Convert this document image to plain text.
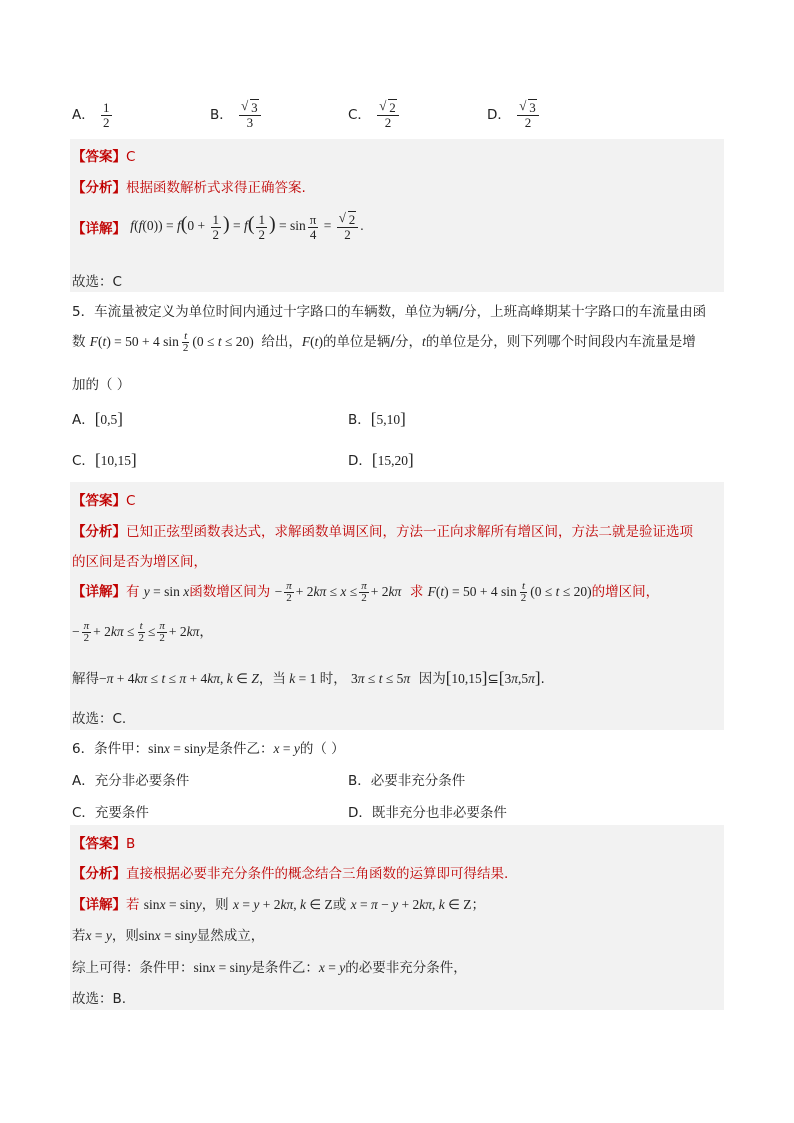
A． $\frac{1}{2}$	B． √ $\frac{3}{3}$	C． √ $\frac{2}{2}$	D． √ $\frac{3}{2}$
【答案】C
【分析】根据函数解析式求得正确答案.
【详解】 $f(f(0)) = f(0 + \frac{1}{2}$ ) = $f( \frac{1}{2}$ ) = $\sin \frac{\pi}{4}$ = √ $\frac{2}{2}$ .
故选：C
5．车流量被定义为单位时间内通过十字路口的车辆数，单位为辆/分，上班高峰期某十字路口的车流量由函
数 F(t) = 50 + 4 $\sin \frac{t}{2} (0 \le t \le 20)$  给出，F(t)的单位是辆/分，t的单位是分，则下列哪个时间段内车流量是增
加的（ ）
A．[0,5]	B．[5,10]
C．[10,15]	D．[15,20]
【答案】C
【分析】已知正弦型函数表达式，求解函数单调区间，方法一正向求解所有增区间，方法二就是验证选项
的区间是否为增区间，
【详解】有 y = sin x函数增区间为 − $\frac{\pi}{2} + 2k\pi \le x \le \frac{\pi}{2} + 2k\pi$  求 F(t) = 50 + 4 $\sin \frac{t}{2} (0 \le t \le 20)$的增区间，
− $\frac{\pi}{2} + 2k\pi \le \frac{t}{2} \le \frac{\pi}{2} + 2k\pi$，
解得−π + 4kπ ≤ t ≤ π + 4kπ, k ∈ Z，当 k = 1 时， 3π ≤ t ≤ 5π  因为[10,15]⊆[3π,5π].
故选：C.
6．条件甲：sinx = siny是条件乙：x = y的（ ）
A．充分非必要条件	B．必要非充分条件
C．充要条件	D．既非充分也非必要条件
【答案】B
【分析】直接根据必要非充分条件的概念结合三角函数的运算即可得结果.
【详解】若 sinx = siny，则 x = y + 2kπ, k ∈ Z或 x = π − y + 2kπ, k ∈ Z；
若x = y，则sinx = siny显然成立，
综上可得：条件甲：sinx = siny是条件乙：x = y的必要非充分条件，
故选：B.
